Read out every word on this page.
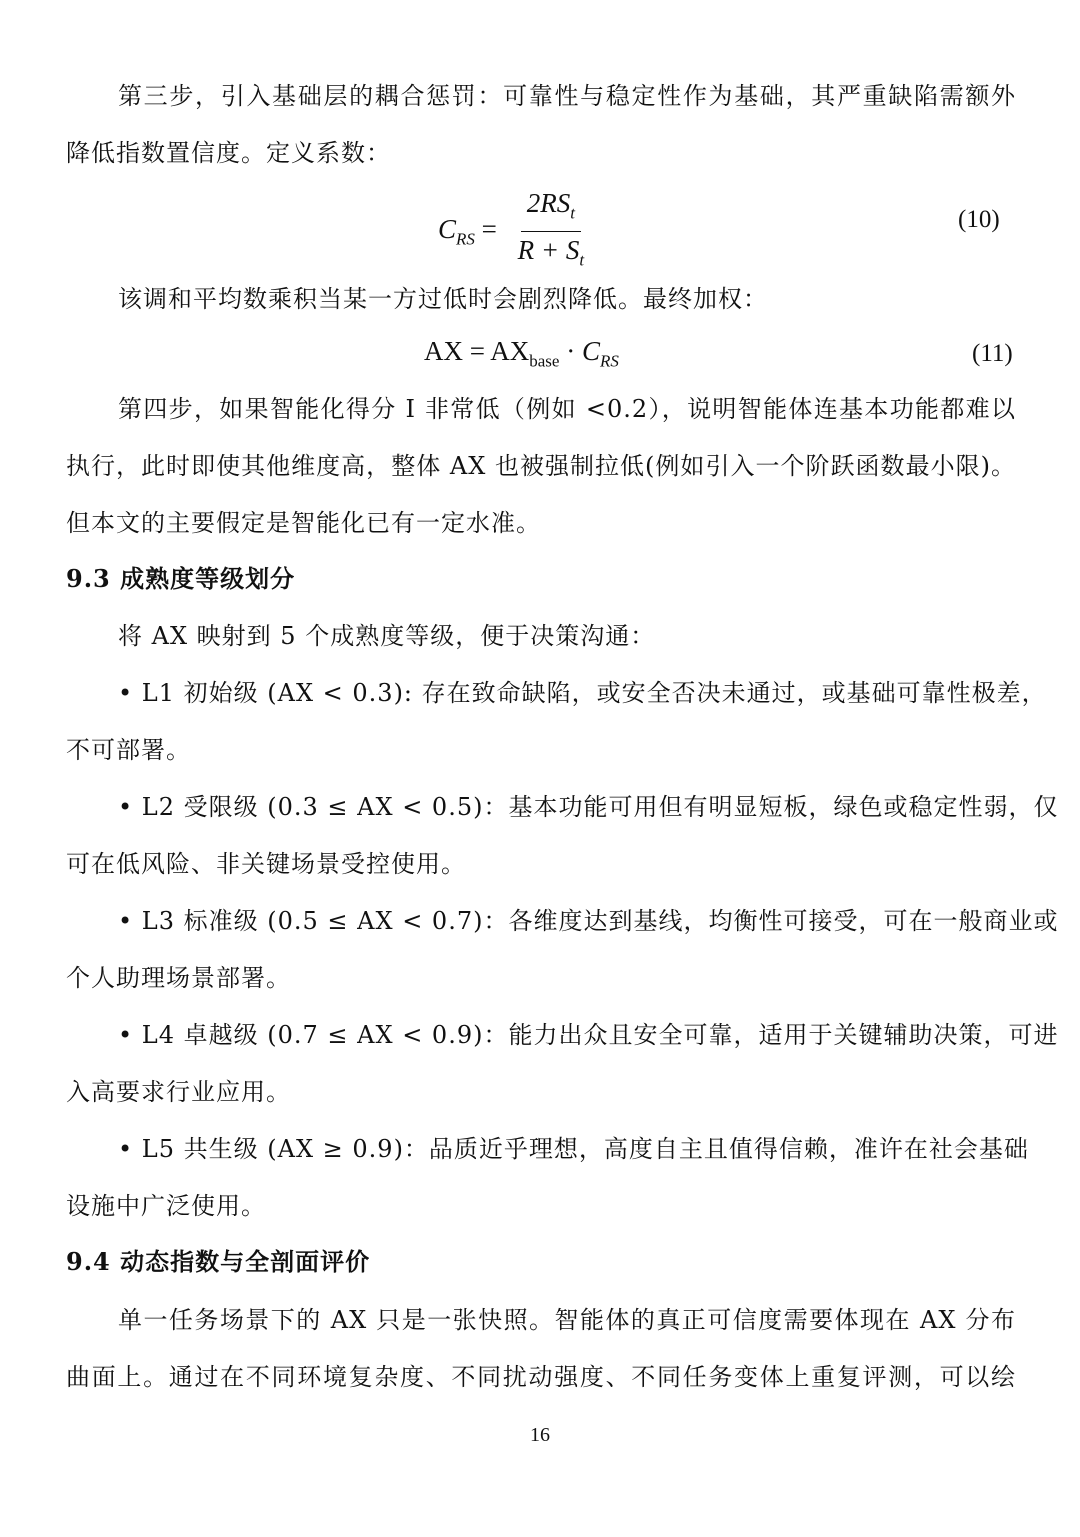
第三步，引入基础层的耦合惩罚：可靠性与稳定性作为基础，其严重缺陷需额外
降低指数置信度。定义系数：
$C_{RS} = \frac{2RS_t}{R + S_t}$	(10)
该调和平均数乘积当某一方过低时会剧烈降低。最终加权：
AX = $AX_{base} \cdot C_{RS}$	(11)
第四步，如果智能化得分 I 非常低（例如 <0.2），说明智能体连基本功能都难以
执行，此时即使其他维度高，整体 AX 也被强制拉低(例如引入一个阶跃函数最小限)。
但本文的主要假定是智能化已有一定水准。
9.3 成熟度等级划分
将 AX 映射到 5 个成熟度等级，便于决策沟通：
• L1 初始级 (AX < 0.3): 存在致命缺陷，或安全否决未通过，或基础可靠性极差，
不可部署。
• L2 受限级 (0.3 ≤ AX < 0.5)：基本功能可用但有明显短板，绿色或稳定性弱，仅
可在低风险、非关键场景受控使用。
• L3 标准级 (0.5 ≤ AX < 0.7)：各维度达到基线，均衡性可接受，可在一般商业或
个人助理场景部署。
• L4 卓越级 (0.7 ≤ AX < 0.9)：能力出众且安全可靠，适用于关键辅助决策，可进
入高要求行业应用。
• L5 共生级 (AX ≥ 0.9)：品质近乎理想，高度自主且值得信赖，准许在社会基础
设施中广泛使用。
9.4 动态指数与全剖面评价
单一任务场景下的 AX 只是一张快照。智能体的真正可信度需要体现在 AX 分布
曲面上。通过在不同环境复杂度、不同扰动强度、不同任务变体上重复评测，可以绘
16
